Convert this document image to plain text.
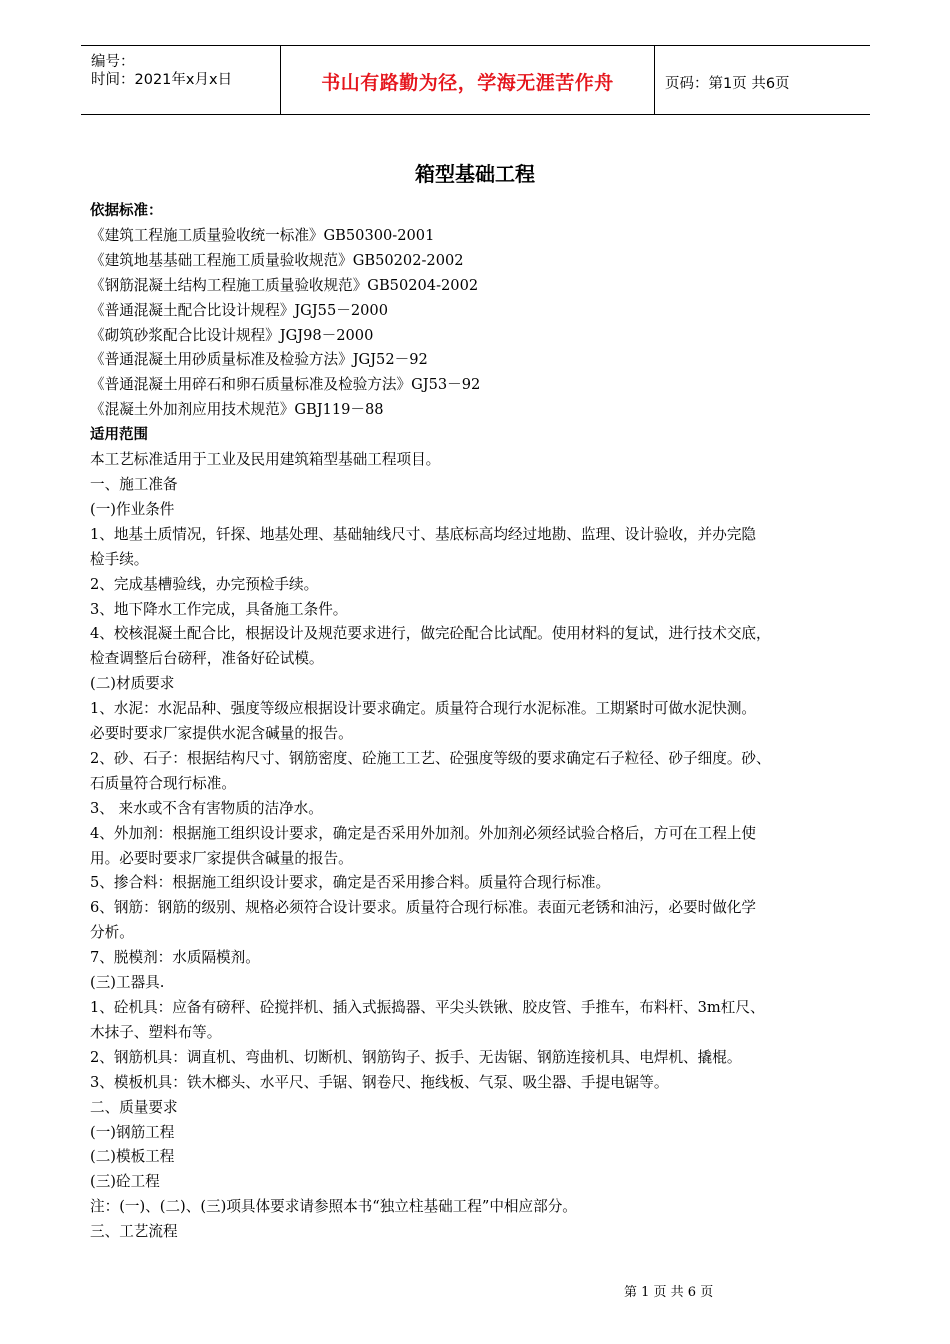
编号：
时间：2021年x月x日	书山有路勤为径，学海无涯苦作舟	页码：第1页 共6页
箱型基础工程
依据标准：
《建筑工程施工质量验收统一标准》GB50300-2001
《建筑地基基础工程施工质量验收规范》GB50202-2002
《钢筋混凝土结构工程施工质量验收规范》GB50204-2002
《普通混凝土配合比设计规程》JGJ55－2000
《砌筑砂浆配合比设计规程》JGJ98－2000
《普通混凝土用砂质量标准及检验方法》JGJ52－92
《普通混凝土用碎石和卵石质量标准及检验方法》GJ53－92
《混凝土外加剂应用技术规范》GBJ119－88
适用范围
本工艺标准适用于工业及民用建筑箱型基础工程项目。
一、施工准备
(一)作业条件
1、地基土质情况，钎探、地基处理、基础轴线尺寸、基底标高均经过地勘、监理、设计验收，并办完隐
检手续。
2、完成基槽验线，办完预检手续。
3、地下降水工作完成，具备施工条件。
4、校核混凝土配合比，根据设计及规范要求进行，做完砼配合比试配。使用材料的复试，进行技术交底，
检查调整后台磅秤，准备好砼试模。
(二)材质要求
1、水泥：水泥品种、强度等级应根据设计要求确定。质量符合现行水泥标准。工期紧时可做水泥快测。
必要时要求厂家提供水泥含碱量的报告。
2、砂、石子：根据结构尺寸、钢筋密度、砼施工工艺、砼强度等级的要求确定石子粒径、砂子细度。砂、
石质量符合现行标准。
3、 来水或不含有害物质的洁净水。
4、外加剂：根据施工组织设计要求，确定是否采用外加剂。外加剂必须经试验合格后，方可在工程上使
用。必要时要求厂家提供含碱量的报告。
5、掺合料：根据施工组织设计要求，确定是否采用掺合料。质量符合现行标准。
6、钢筋：钢筋的级别、规格必须符合设计要求。质量符合现行标准。表面元老锈和油污，必要时做化学
分析。
7、脱模剂：水质隔模剂。
(三)工器具.
1、砼机具：应备有磅秤、砼搅拌机、插入式振捣器、平尖头铁锹、胶皮管、手推车，布料杆、3m杠尺、
木抹子、塑料布等。
2、钢筋机具：调直机、弯曲机、切断机、钢筋钩子、扳手、无齿锯、钢筋连接机具、电焊机、撬棍。
3、模板机具：铁木榔头、水平尺、手锯、钢卷尺、拖线板、气泵、吸尘器、手提电锯等。
二、质量要求
(一)钢筋工程
(二)模板工程
(三)砼工程
注：(一)、(二)、(三)项具体要求请参照本书“独立柱基础工程”中相应部分。
三、工艺流程
第 1 页 共 6 页
